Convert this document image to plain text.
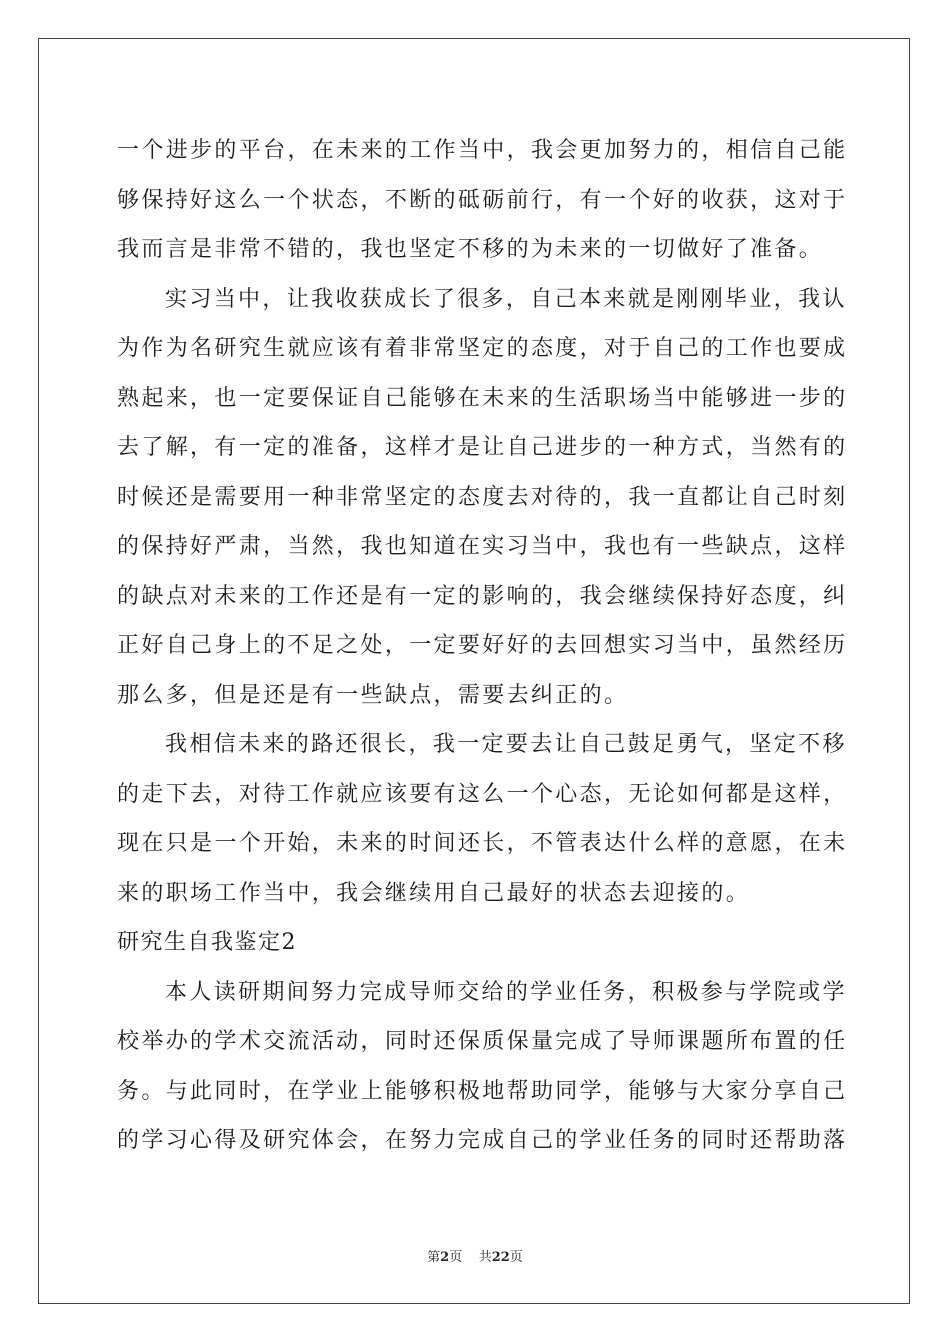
一个进步的平台，在未来的工作当中，我会更加努力的，相信自己能
够保持好这么一个状态，不断的砥砺前行，有一个好的收获，这对于
我而言是非常不错的，我也坚定不移的为未来的一切做好了准备。
实习当中，让我收获成长了很多，自己本来就是刚刚毕业，我认
为作为名研究生就应该有着非常坚定的态度，对于自己的工作也要成
熟起来，也一定要保证自己能够在未来的生活职场当中能够进一步的
去了解，有一定的准备，这样才是让自己进步的一种方式，当然有的
时候还是需要用一种非常坚定的态度去对待的，我一直都让自己时刻
的保持好严肃，当然，我也知道在实习当中，我也有一些缺点，这样
的缺点对未来的工作还是有一定的影响的，我会继续保持好态度，纠
正好自己身上的不足之处，一定要好好的去回想实习当中，虽然经历
那么多，但是还是有一些缺点，需要去纠正的。
我相信未来的路还很长，我一定要去让自己鼓足勇气，坚定不移
的走下去，对待工作就应该要有这么一个心态，无论如何都是这样，
现在只是一个开始，未来的时间还长，不管表达什么样的意愿，在未
来的职场工作当中，我会继续用自己最好的状态去迎接的。
研究生自我鉴定2
本人读研期间努力完成导师交给的学业任务，积极参与学院或学
校举办的学术交流活动，同时还保质保量完成了导师课题所布置的任
务。与此同时，在学业上能够积极地帮助同学，能够与大家分享自己
的学习心得及研究体会，在努力完成自己的学业任务的同时还帮助落
第2页 共22页
